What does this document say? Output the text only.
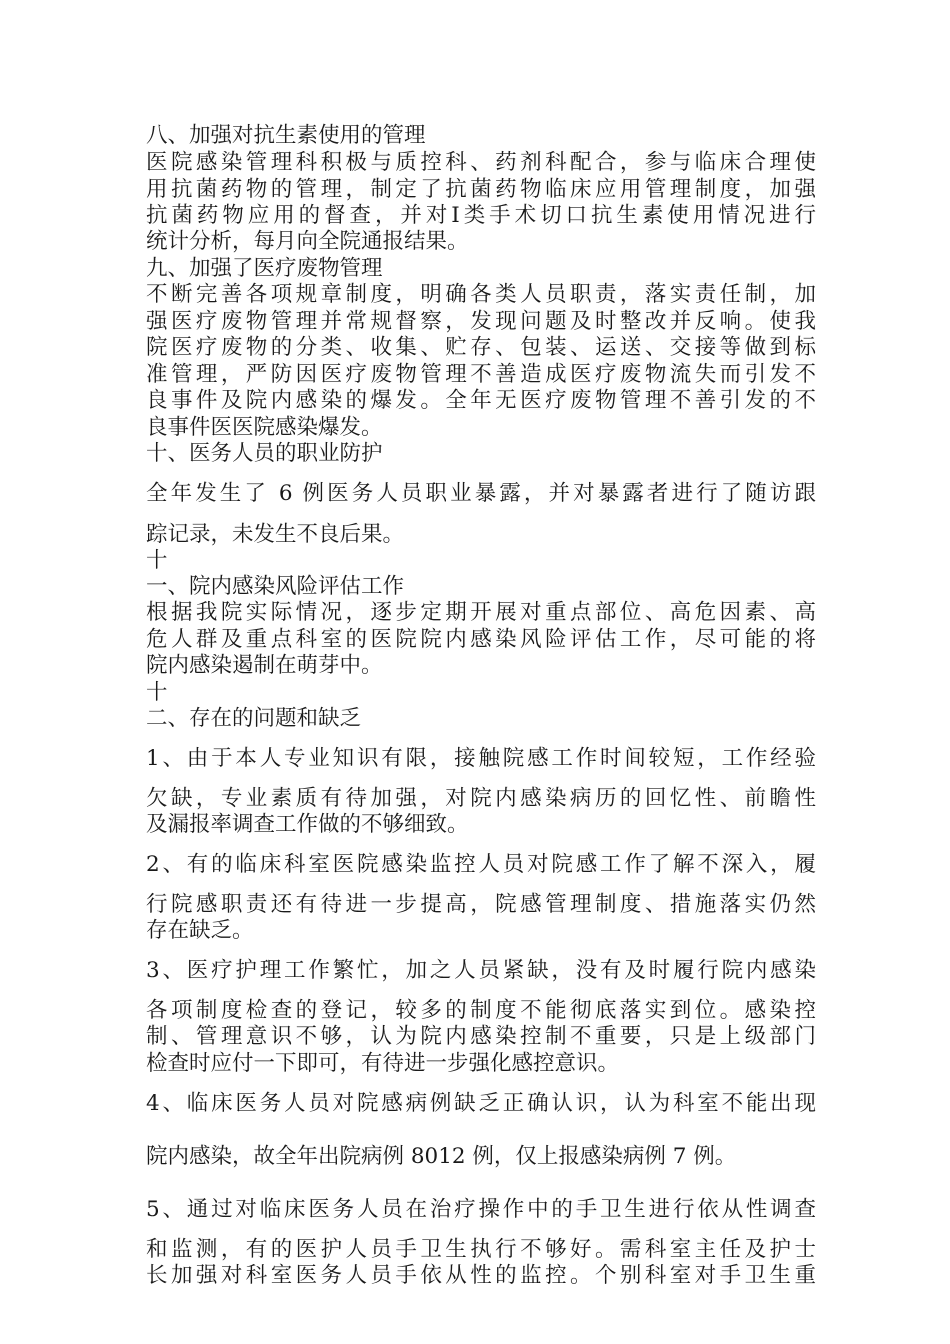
八、加强对抗生素使用的管理
医院感染管理科积极与质控科、药剂科配合，参与临床合理使
用抗菌药物的管理，制定了抗菌药物临床应用管理制度，加强
抗菌药物应用的督查，并对Ⅰ类手术切口抗生素使用情况进行
统计分析，每月向全院通报结果。
九、加强了医疗废物管理
不断完善各项规章制度，明确各类人员职责，落实责任制，加
强医疗废物管理并常规督察，发现问题及时整改并反响。使我
院医疗废物的分类、收集、贮存、包装、运送、交接等做到标
准管理，严防因医疗废物管理不善造成医疗废物流失而引发不
良事件及院内感染的爆发。全年无医疗废物管理不善引发的不
良事件医医院感染爆发。
十、医务人员的职业防护
全年发生了 6 例医务人员职业暴露，并对暴露者进行了随访跟
踪记录，未发生不良后果。
十
一、院内感染风险评估工作
根据我院实际情况，逐步定期开展对重点部位、高危因素、高
危人群及重点科室的医院院内感染风险评估工作，尽可能的将
院内感染遏制在萌芽中。
十
二、存在的问题和缺乏
1、由于本人专业知识有限，接触院感工作时间较短，工作经验
欠缺，专业素质有待加强，对院内感染病历的回忆性、前瞻性
及漏报率调查工作做的不够细致。
2、有的临床科室医院感染监控人员对院感工作了解不深入，履
行院感职责还有待进一步提高，院感管理制度、措施落实仍然
存在缺乏。
3、医疗护理工作繁忙，加之人员紧缺，没有及时履行院内感染
各项制度检查的登记，较多的制度不能彻底落实到位。感染控
制、管理意识不够，认为院内感染控制不重要，只是上级部门
检查时应付一下即可，有待进一步强化感控意识。
4、临床医务人员对院感病例缺乏正确认识，认为科室不能出现
院内感染，故全年出院病例 8012 例，仅上报感染病例 7 例。
5、通过对临床医务人员在治疗操作中的手卫生进行依从性调查
和监测，有的医护人员手卫生执行不够好。需科室主任及护士
长加强对科室医务人员手依从性的监控。个别科室对手卫生重
